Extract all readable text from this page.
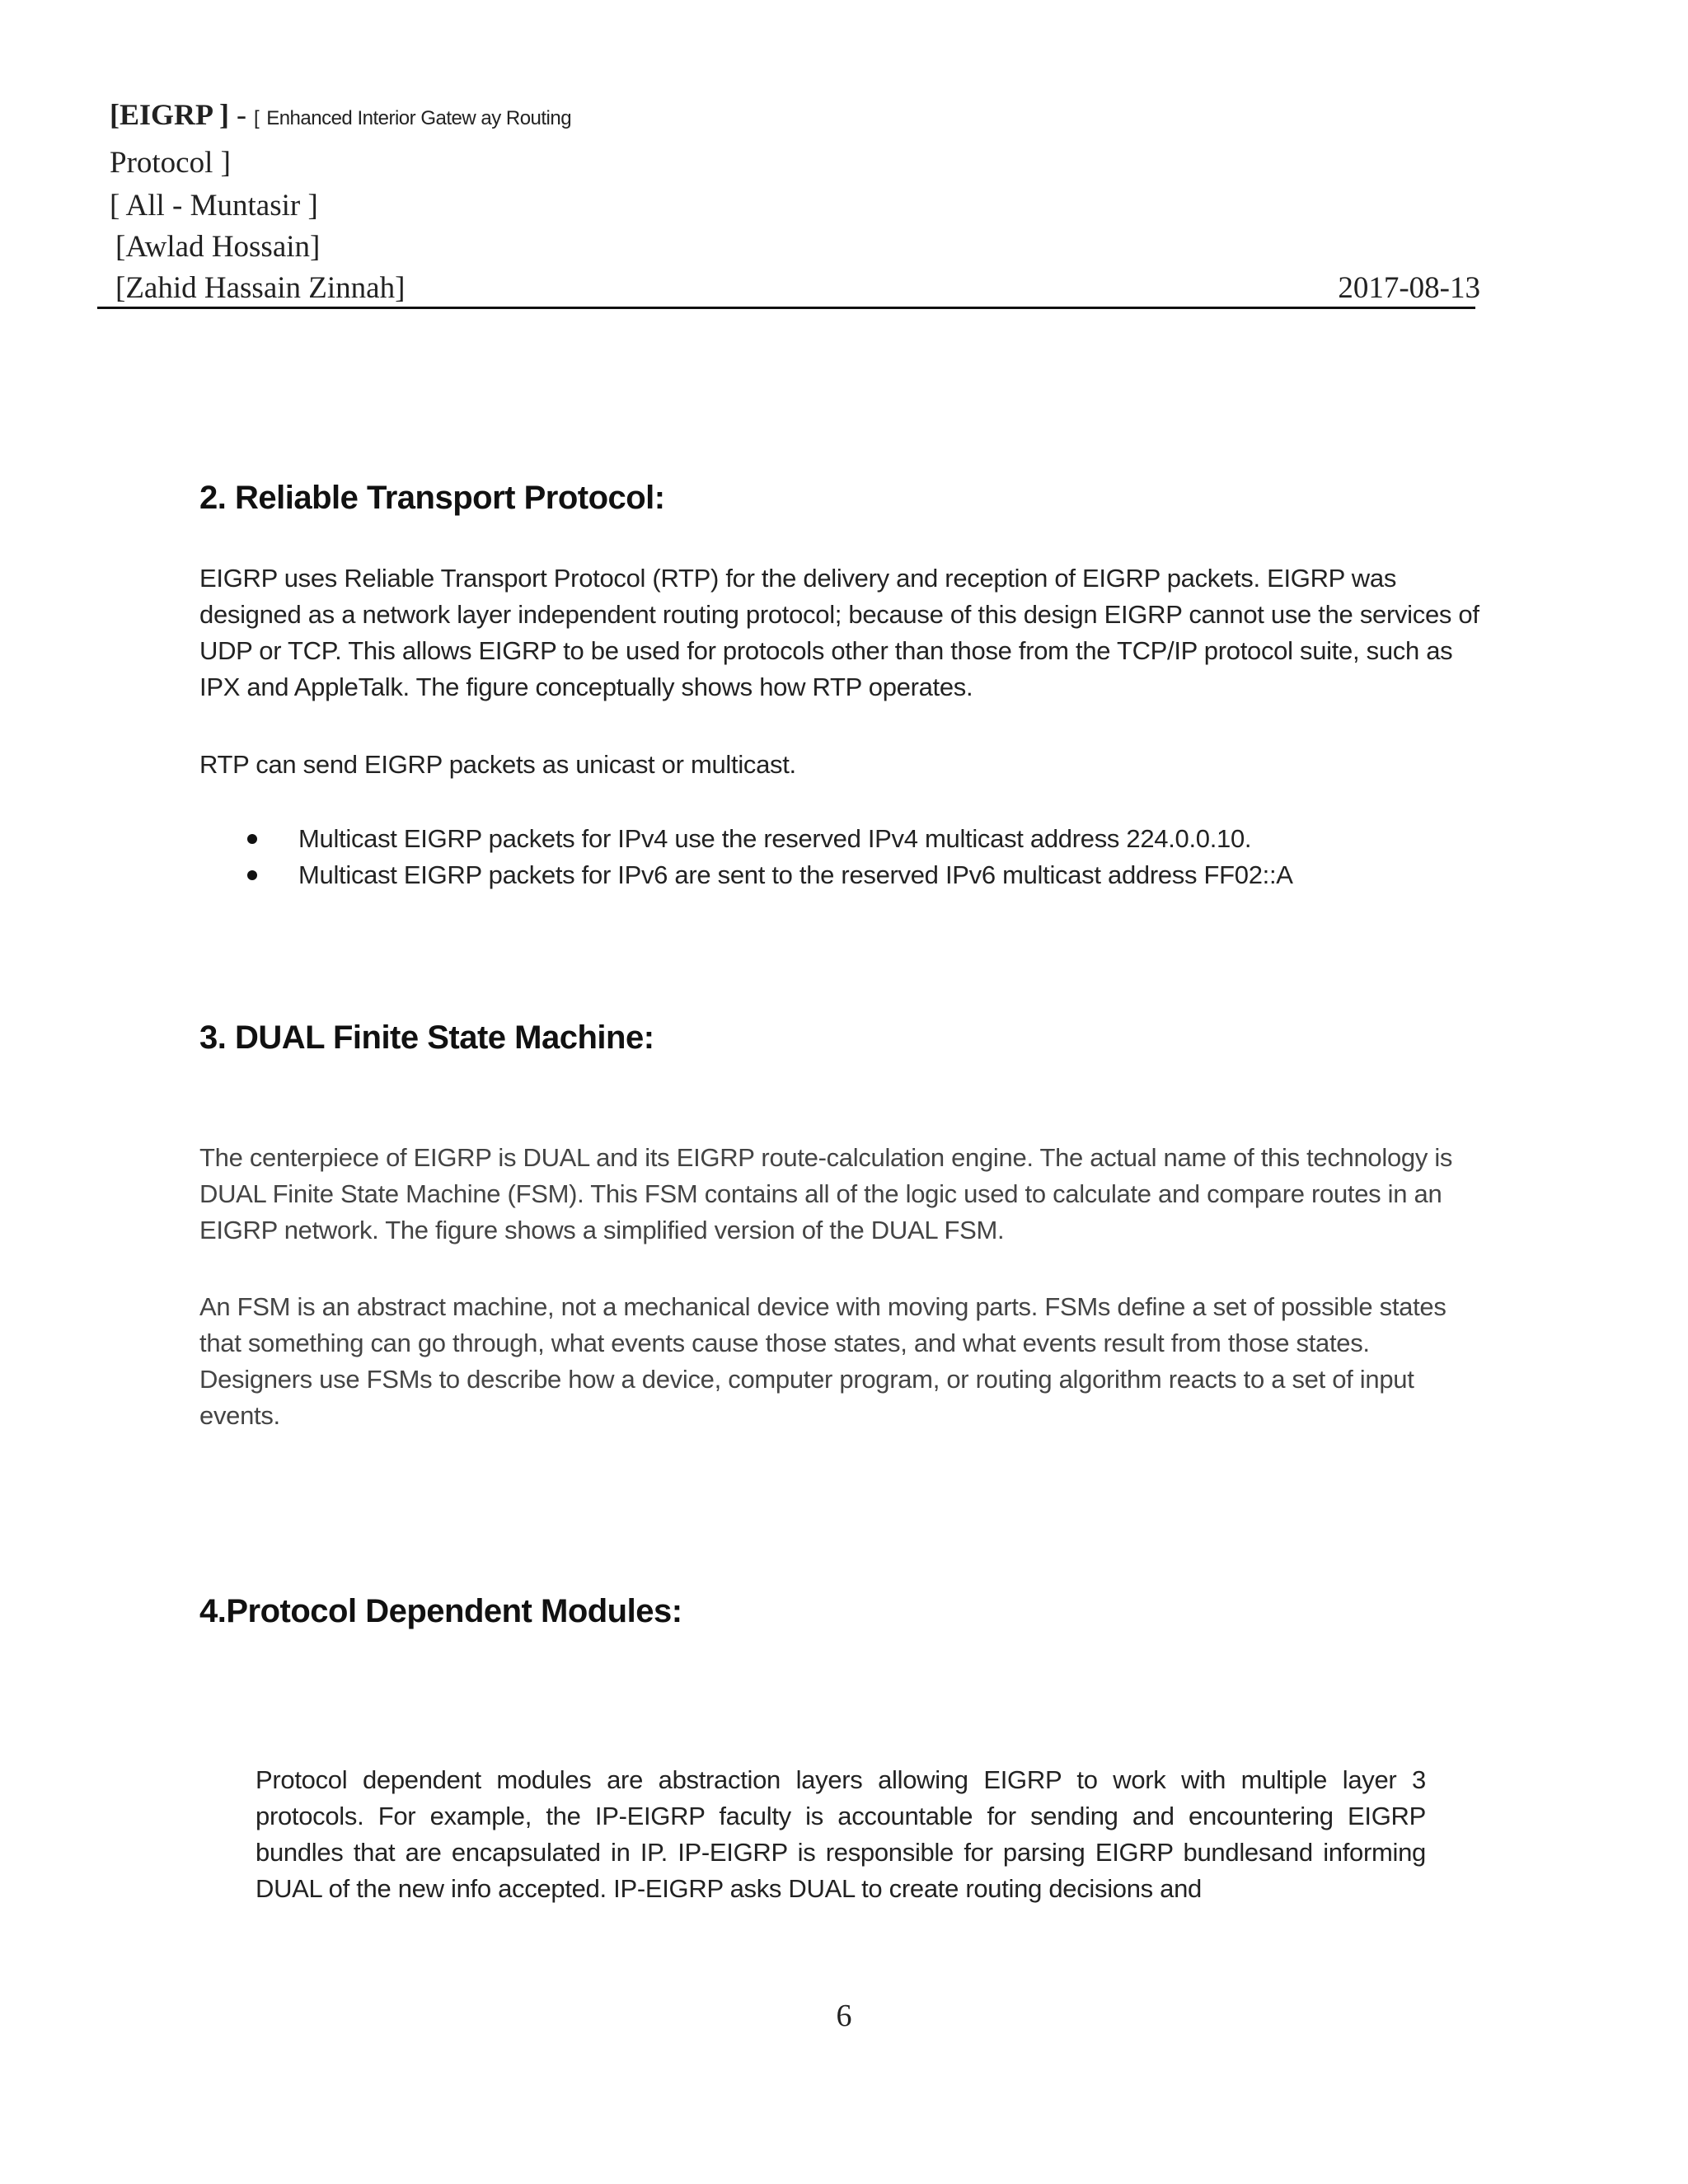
[EIGRP ] - [ Enhanced Interior Gatew ay Routing
Protocol ]
[ All - Muntasir ]
[Awlad Hossain]
[Zahid Hassain Zinnah]	2017-08-13
2. Reliable Transport Protocol:
EIGRP uses Reliable Transport Protocol (RTP) for the delivery and reception of EIGRP packets. EIGRP was designed as a network layer independent routing protocol; because of this design EIGRP cannot use the services of UDP or TCP. This allows EIGRP to be used for protocols other than those from the TCP/IP protocol suite, such as IPX and AppleTalk. The figure conceptually shows how RTP operates.
RTP can send EIGRP packets as unicast or multicast.
Multicast EIGRP packets for IPv4 use the reserved IPv4 multicast address 224.0.0.10.
Multicast EIGRP packets for IPv6 are sent to the reserved IPv6 multicast address FF02::A
3. DUAL Finite State Machine:
The centerpiece of EIGRP is DUAL and its EIGRP route-calculation engine. The actual name of this technology is DUAL Finite State Machine (FSM). This FSM contains all of the logic used to calculate and compare routes in an EIGRP network. The figure shows a simplified version of the DUAL FSM.
An FSM is an abstract machine, not a mechanical device with moving parts. FSMs define a set of possible states that something can go through, what events cause those states, and what events result from those states. Designers use FSMs to describe how a device, computer program, or routing algorithm reacts to a set of input events.
4.Protocol Dependent Modules:
Protocol dependent modules are abstraction layers allowing EIGRP to work with multiple layer 3 protocols. For example, the IP-EIGRP faculty is accountable for sending and encountering EIGRP bundles that are encapsulated in IP. IP-EIGRP is responsible for parsing EIGRP bundlesand informing DUAL of the new info accepted. IP-EIGRP asks DUAL to create routing decisions and
6
